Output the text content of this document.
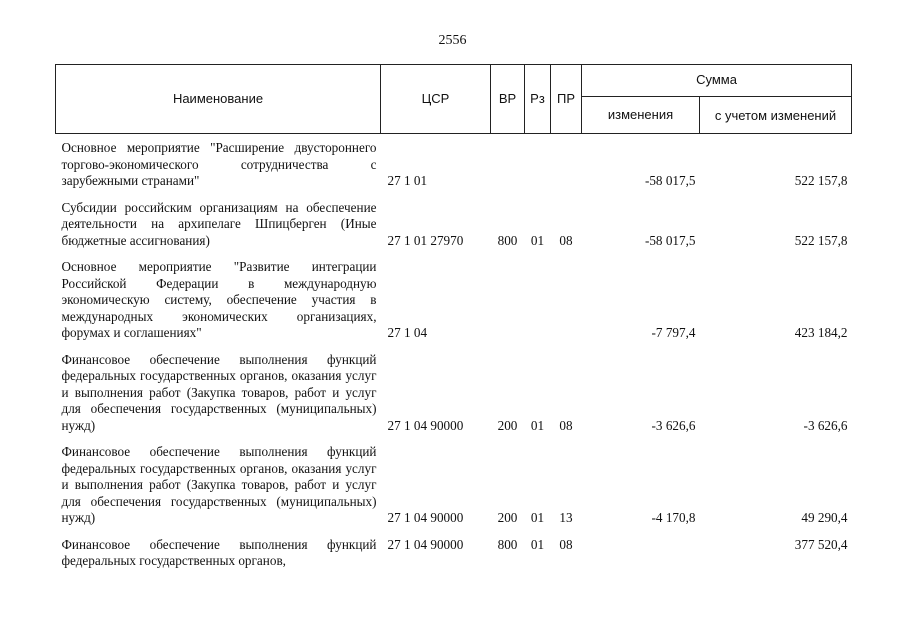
2556
Наименование	ЦСР	ВР	Рз	ПР	Сумма	
					изменения	с учетом изменений
Основное мероприятие "Расширение двустороннего торгово-экономического сотрудничества с зарубежными странами"	27 1 01				-58 017,5	522 157,8
Субсидии российским организациям на обеспечение деятельности на архипелаге Шпицберген (Иные бюджетные ассигнования)	27 1 01 27970	800	01	08	-58 017,5	522 157,8
Основное мероприятие "Развитие интеграции Российской Федерации в международную экономическую систему, обеспечение участия в международных экономических организациях, форумах и соглашениях"	27 1 04				-7 797,4	423 184,2
Финансовое обеспечение выполнения функций федеральных государственных органов, оказания услуг и выполнения работ (Закупка товаров, работ и услуг для обеспечения государственных (муниципальных) нужд)	27 1 04 90000	200	01	08	-3 626,6	-3 626,6
Финансовое обеспечение выполнения функций федеральных государственных органов, оказания услуг и выполнения работ (Закупка товаров, работ и услуг для обеспечения государственных (муниципальных) нужд)	27 1 04 90000	200	01	13	-4 170,8	49 290,4
Финансовое обеспечение выполнения функций федеральных государственных органов,	27 1 04 90000	800	01	08		377 520,4
